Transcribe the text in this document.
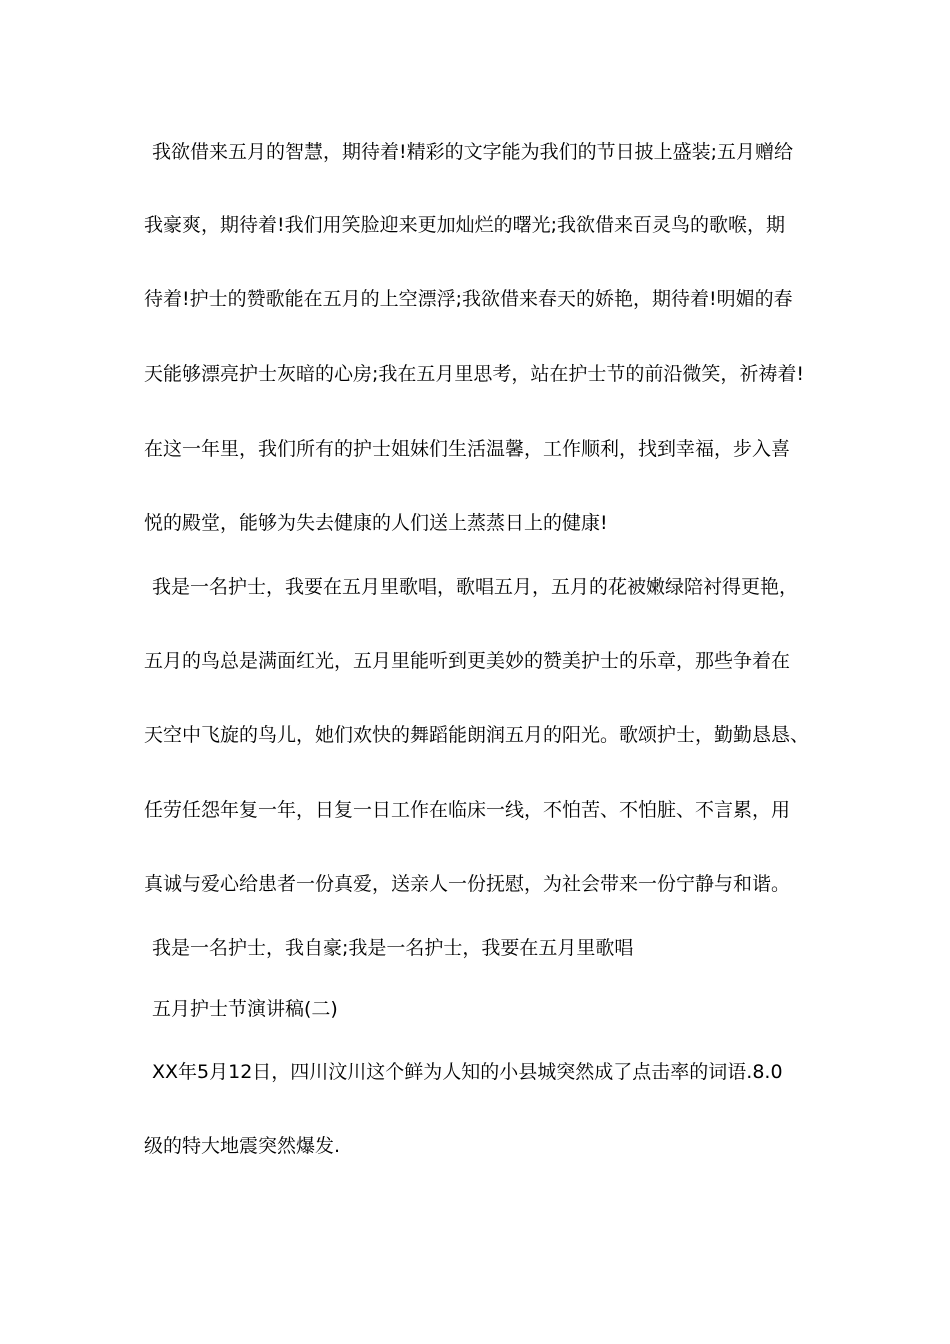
我欲借来五月的智慧，期待着!精彩的文字能为我们的节日披上盛装;五月赠给
我豪爽，期待着!我们用笑脸迎来更加灿烂的曙光;我欲借来百灵鸟的歌喉，期
待着!护士的赞歌能在五月的上空漂浮;我欲借来春天的娇艳，期待着!明媚的春
天能够漂亮护士灰暗的心房;我在五月里思考，站在护士节的前沿微笑，祈祷着!
在这一年里，我们所有的护士姐妹们生活温馨，工作顺利，找到幸福，步入喜
悦的殿堂，能够为失去健康的人们送上蒸蒸日上的健康!
我是一名护士，我要在五月里歌唱，歌唱五月，五月的花被嫩绿陪衬得更艳，
五月的鸟总是满面红光，五月里能听到更美妙的赞美护士的乐章，那些争着在
天空中飞旋的鸟儿，她们欢快的舞蹈能朗润五月的阳光。歌颂护士，勤勤恳恳、
任劳任怨年复一年，日复一日工作在临床一线，不怕苦、不怕脏、不言累，用
真诚与爱心给患者一份真爱，送亲人一份抚慰，为社会带来一份宁静与和谐。
我是一名护士，我自豪;我是一名护士，我要在五月里歌唱
五月护士节演讲稿(二)
XX年5月12日，四川汶川这个鲜为人知的小县城突然成了点击率的词语.8.0
级的特大地震突然爆发.
